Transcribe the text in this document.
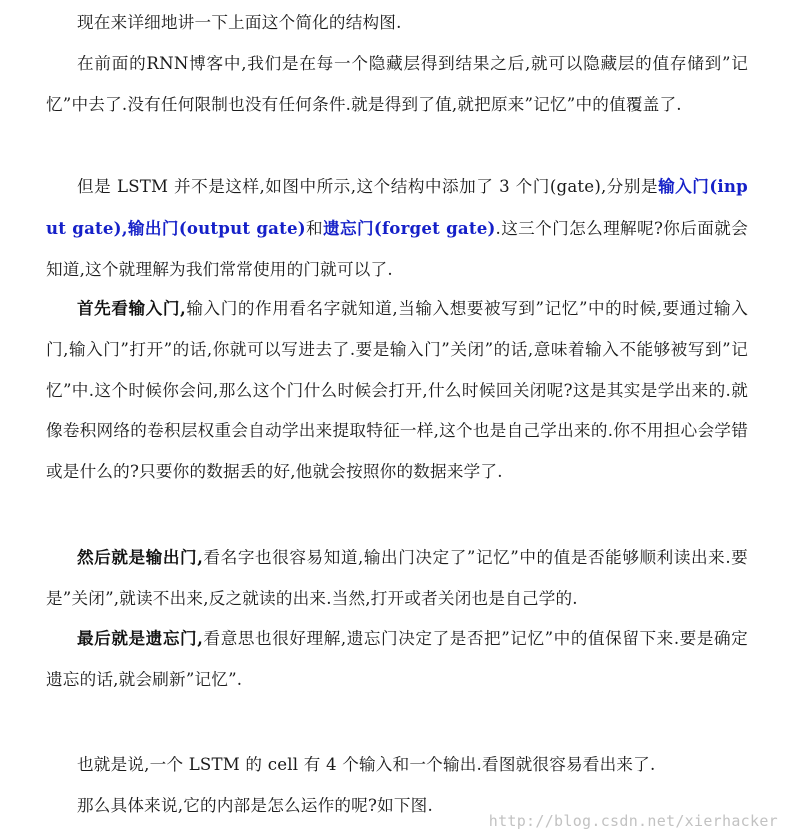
现在来详细地讲一下上面这个简化的结构图.

在前面的RNN博客中,我们是在每一个隐藏层得到结果之后,就可以隐藏层的值存储到”记忆”中去了.没有任何限制也没有任何条件.就是得到了值,就把原来”记忆”中的值覆盖了.

但是 LSTM 并不是这样,如图中所示,这个结构中添加了 3 个门(gate),分别是输入门(input gate),输出门(output gate)和遗忘门(forget gate).这三个门怎么理解呢?你后面就会知道,这个就理解为我们常常使用的门就可以了.

首先看输入门,输入门的作用看名字就知道,当输入想要被写到”记忆”中的时候,要通过输入门,输入门”打开”的话,你就可以写进去了.要是输入门”关闭”的话,意味着输入不能够被写到”记忆”中.这个时候你会问,那么这个门什么时候会打开,什么时候回关闭呢?这是其实是学出来的.就像卷积网络的卷积层权重会自动学出来提取特征一样,这个也是自己学出来的.你不用担心会学错或是什么的?只要你的数据丢的好,他就会按照你的数据来学了.

然后就是输出门,看名字也很容易知道,输出门决定了”记忆”中的值是否能够顺利读出来.要是”关闭”,就读不出来,反之就读的出来.当然,打开或者关闭也是自己学的.

最后就是遗忘门,看意思也很好理解,遗忘门决定了是否把”记忆”中的值保留下来.要是确定遗忘的话,就会刷新”记忆”.

也就是说,一个 LSTM 的 cell 有 4 个输入和一个输出.看图就很容易看出来了.

那么具体来说,它的内部是怎么运作的呢?如下图.

http://blog.csdn.net/xierhacker
